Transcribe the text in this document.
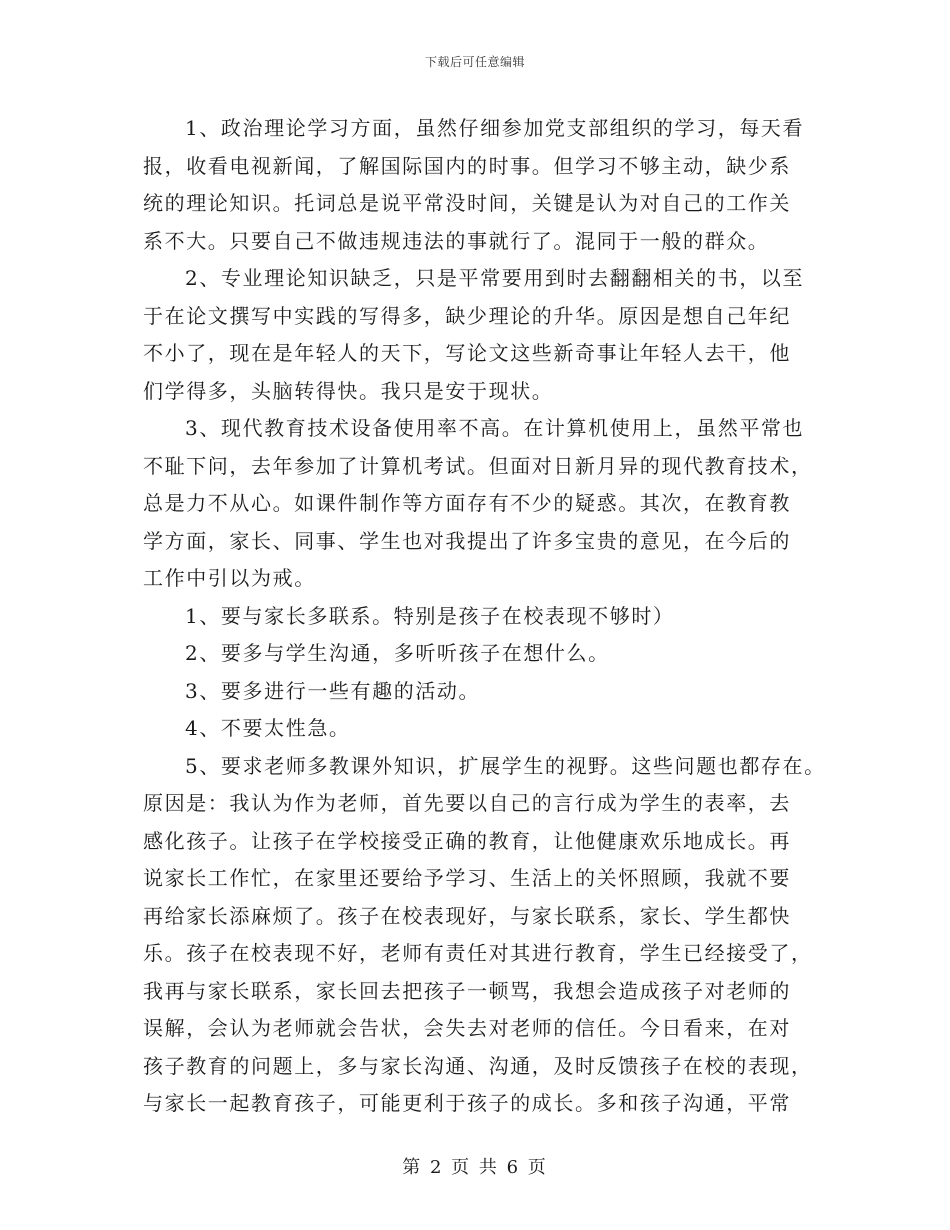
下载后可任意编辑
1、政治理论学习方面，虽然仔细参加党支部组织的学习，每天看
报，收看电视新闻，了解国际国内的时事。但学习不够主动，缺少系
统的理论知识。托词总是说平常没时间，关键是认为对自己的工作关
系不大。只要自己不做违规违法的事就行了。混同于一般的群众。
2、专业理论知识缺乏，只是平常要用到时去翻翻相关的书，以至
于在论文撰写中实践的写得多，缺少理论的升华。原因是想自己年纪
不小了，现在是年轻人的天下，写论文这些新奇事让年轻人去干，他
们学得多，头脑转得快。我只是安于现状。
3、现代教育技术设备使用率不高。在计算机使用上，虽然平常也
不耻下问，去年参加了计算机考试。但面对日新月异的现代教育技术，
总是力不从心。如课件制作等方面存有不少的疑惑。其次，在教育教
学方面，家长、同事、学生也对我提出了许多宝贵的意见，在今后的
工作中引以为戒。
1、要与家长多联系。特别是孩子在校表现不够时）
2、要多与学生沟通，多听听孩子在想什么。
3、要多进行一些有趣的活动。
4、不要太性急。
5、要求老师多教课外知识，扩展学生的视野。这些问题也都存在。
原因是：我认为作为老师，首先要以自己的言行成为学生的表率，去
感化孩子。让孩子在学校接受正确的教育，让他健康欢乐地成长。再
说家长工作忙，在家里还要给予学习、生活上的关怀照顾，我就不要
再给家长添麻烦了。孩子在校表现好，与家长联系，家长、学生都快
乐。孩子在校表现不好，老师有责任对其进行教育，学生已经接受了，
我再与家长联系，家长回去把孩子一顿骂，我想会造成孩子对老师的
误解，会认为老师就会告状，会失去对老师的信任。今日看来，在对
孩子教育的问题上，多与家长沟通、沟通，及时反馈孩子在校的表现，
与家长一起教育孩子，可能更利于孩子的成长。多和孩子沟通，平常
第 2 页 共 6 页
